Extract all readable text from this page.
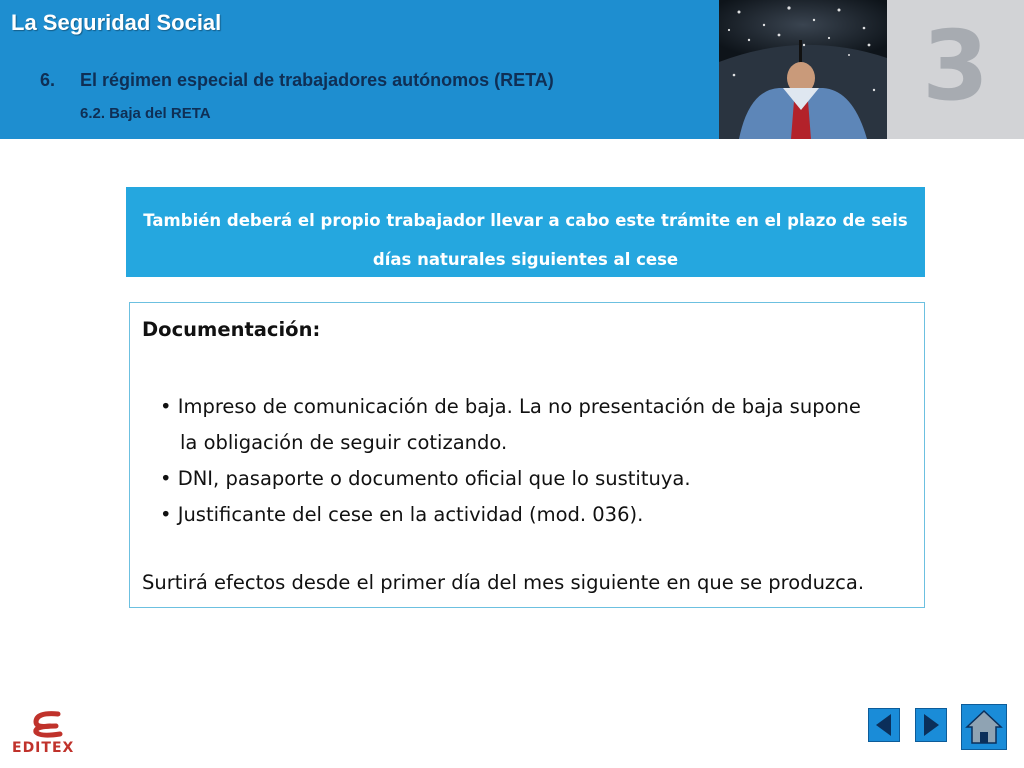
La Seguridad Social
6. El régimen especial de trabajadores autónomos (RETA)
6.2. Baja del RETA	3
También deberá el propio trabajador llevar a cabo este trámite en el plazo de seis
días naturales siguientes al cese
Documentación:
• Impreso de comunicación de baja. La no presentación de baja supone
la obligación de seguir cotizando.
• DNI, pasaporte o documento oficial que lo sustituya.
• Justificante del cese en la actividad (mod. 036).
Surtirá efectos desde el primer día del mes siguiente en que se produzca.
EDITEX
